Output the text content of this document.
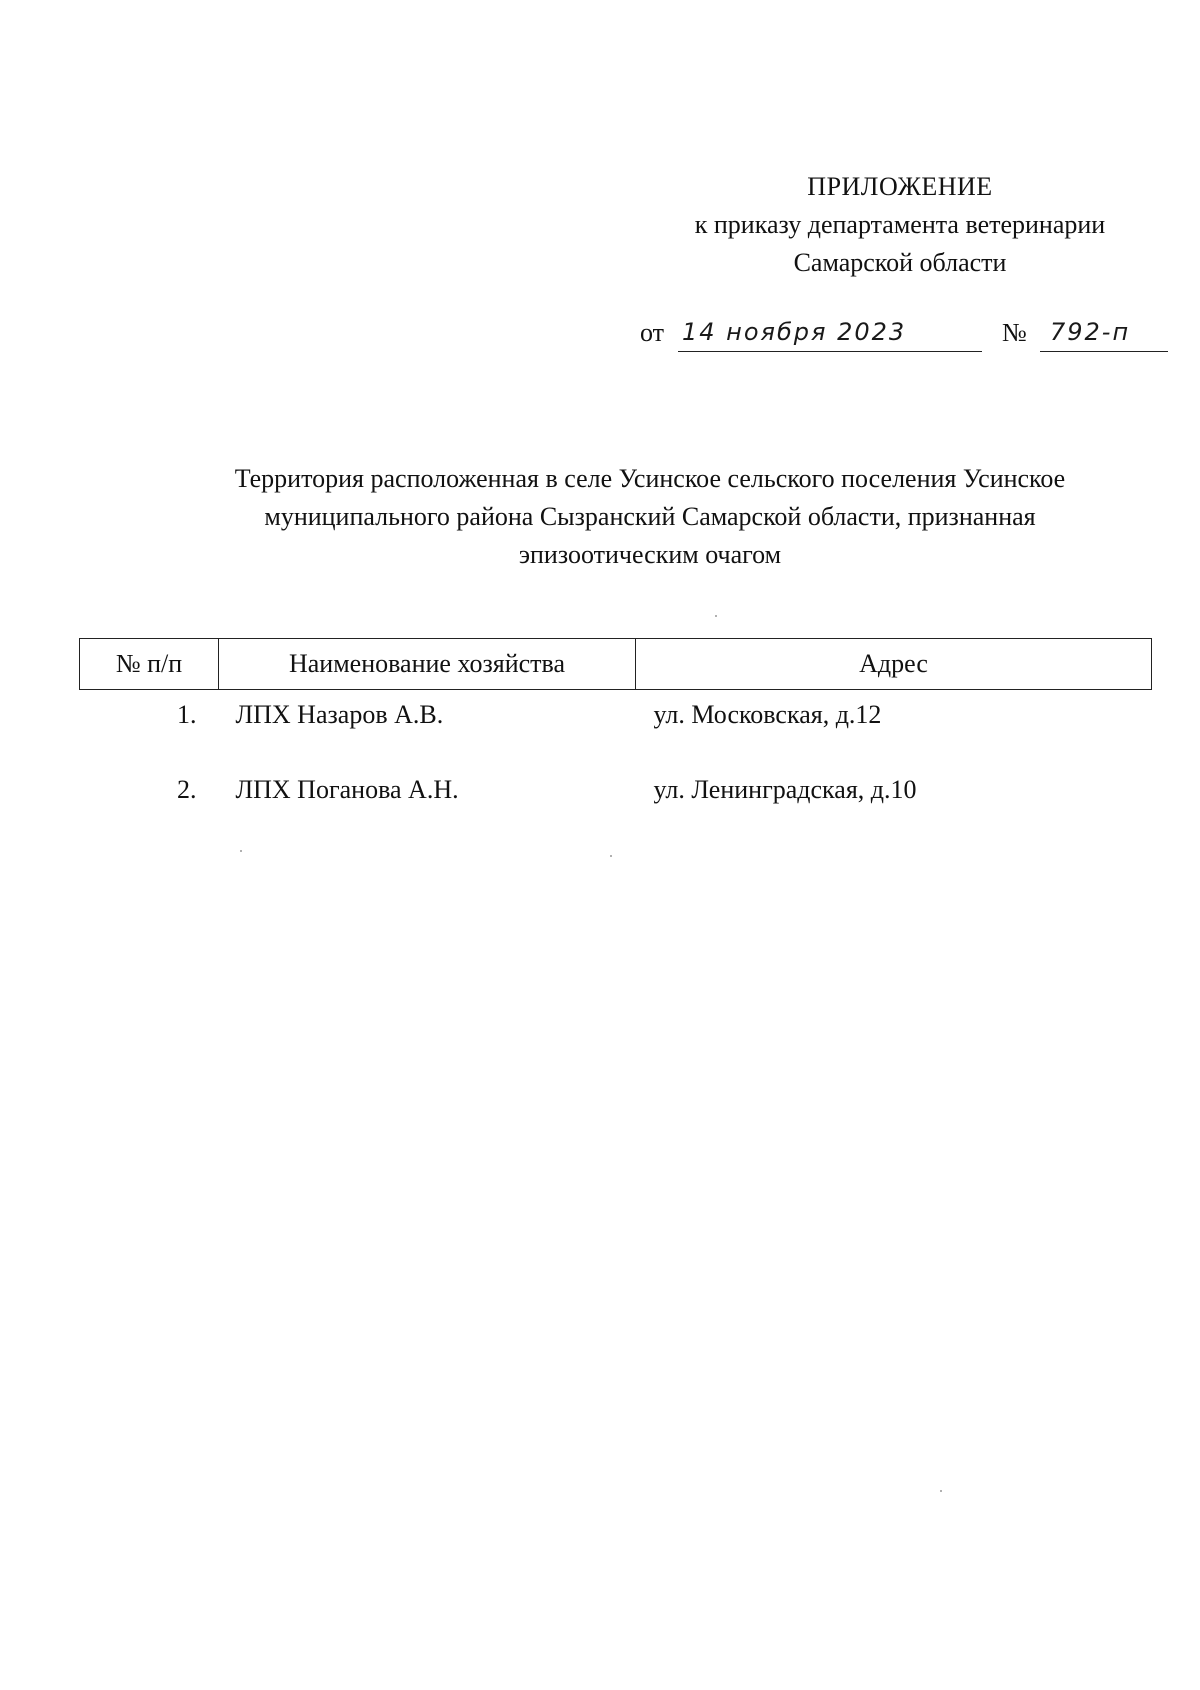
ПРИЛОЖЕНИЕ
к приказу департамента ветеринарии
Самарской области
от 14 ноября 2023	№ 792-п
Территория расположенная в селе Усинское сельского поселения Усинское
муниципального района Сызранский Самарской области, признанная
эпизоотическим очагом
№ п/п	Наименование хозяйства	Адрес
1.	ЛПХ Назаров А.В.	ул. Московская, д.12
2.	ЛПХ Поганова А.Н.	ул. Ленинградская, д.10
